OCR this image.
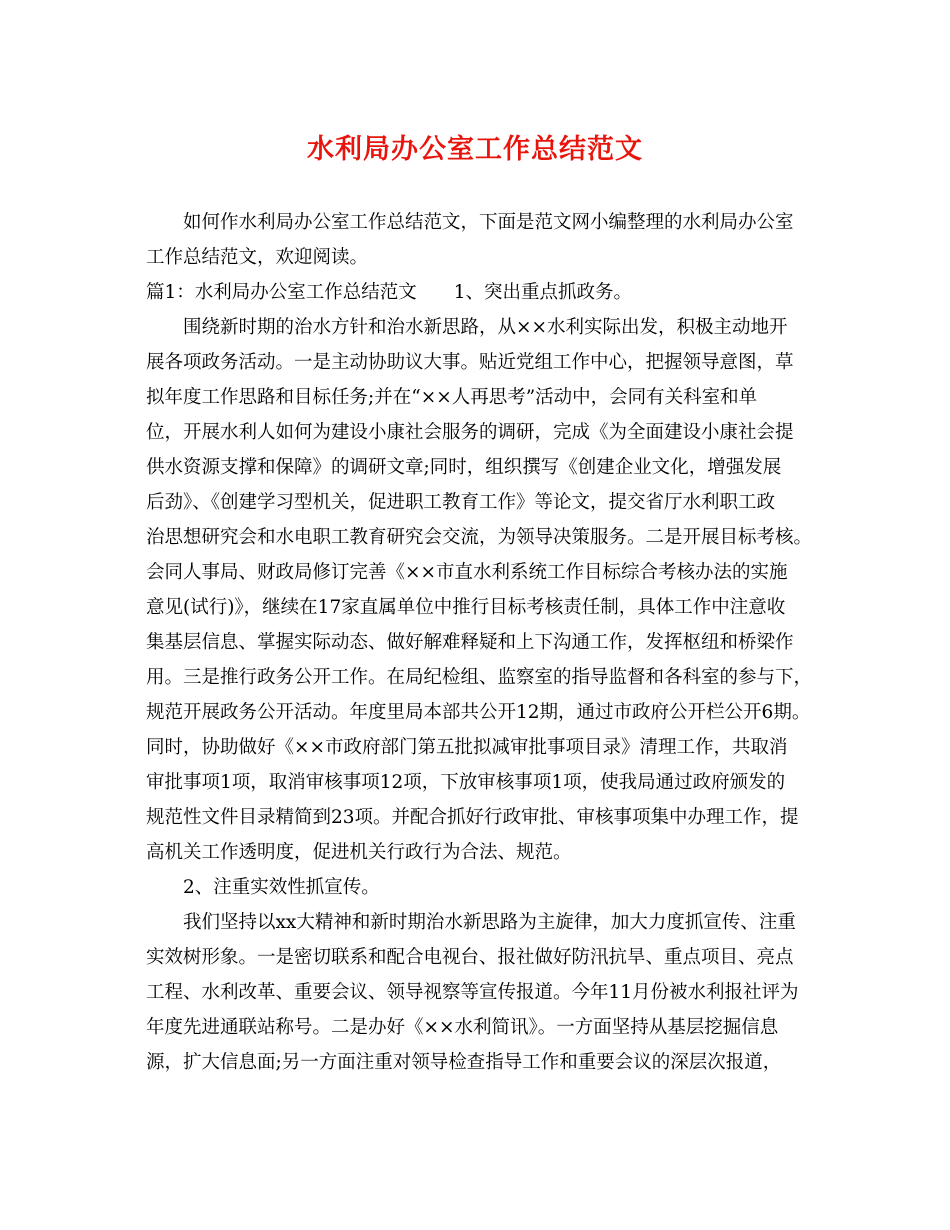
水利局办公室工作总结范文
如何作水利局办公室工作总结范文，下面是范文网小编整理的水利局办公室
工作总结范文，欢迎阅读。
篇1：水利局办公室工作总结范文　　1、突出重点抓政务。
围绕新时期的治水方针和治水新思路，从××水利实际出发，积极主动地开
展各项政务活动。一是主动协助议大事。贴近党组工作中心，把握领导意图，草
拟年度工作思路和目标任务;并在“××人再思考”活动中，会同有关科室和单
位，开展水利人如何为建设小康社会服务的调研，完成《为全面建设小康社会提
供水资源支撑和保障》的调研文章;同时，组织撰写《创建企业文化，增强发展
后劲》、《创建学习型机关，促进职工教育工作》等论文，提交省厅水利职工政
治思想研究会和水电职工教育研究会交流，为领导决策服务。二是开展目标考核。
会同人事局、财政局修订完善《××市直水利系统工作目标综合考核办法的实施
意见(试行)》，继续在17家直属单位中推行目标考核责任制，具体工作中注意收
集基层信息、掌握实际动态、做好解难释疑和上下沟通工作，发挥枢纽和桥梁作
用。三是推行政务公开工作。在局纪检组、监察室的指导监督和各科室的参与下，
规范开展政务公开活动。年度里局本部共公开12期，通过市政府公开栏公开6期。
同时，协助做好《××市政府部门第五批拟减审批事项目录》清理工作，共取消
审批事项1项，取消审核事项12项，下放审核事项1项，使我局通过政府颁发的
规范性文件目录精简到23项。并配合抓好行政审批、审核事项集中办理工作，提
高机关工作透明度，促进机关行政行为合法、规范。
2、注重实效性抓宣传。
我们坚持以xx大精神和新时期治水新思路为主旋律，加大力度抓宣传、注重
实效树形象。一是密切联系和配合电视台、报社做好防汛抗旱、重点项目、亮点
工程、水利改革、重要会议、领导视察等宣传报道。今年11月份被水利报社评为
年度先进通联站称号。二是办好《××水利简讯》。一方面坚持从基层挖掘信息
源，扩大信息面;另一方面注重对领导检查指导工作和重要会议的深层次报道，
